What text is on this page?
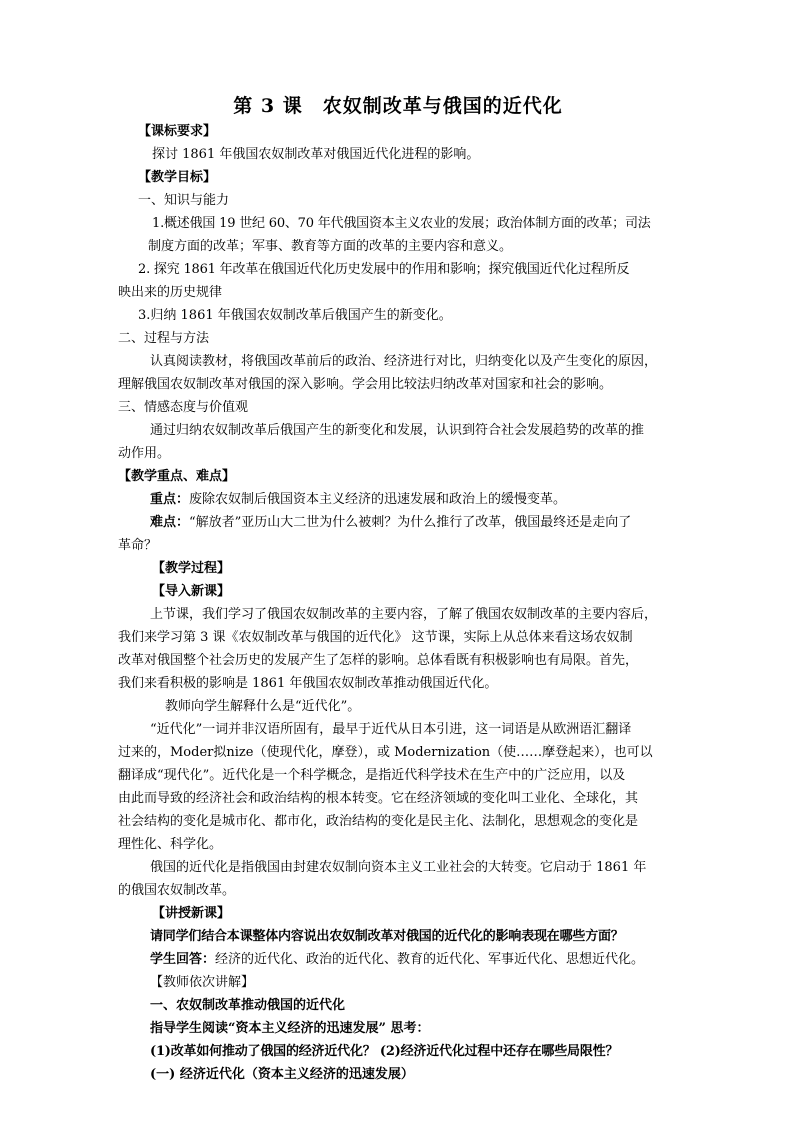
第 3 课　农奴制改革与俄国的近代化

【课标要求】

探讨 1861 年俄国农奴制改革对俄国近代化进程的影响。

【教学目标】

一、知识与能力

1.概述俄国 19 世纪 60、70 年代俄国资本主义农业的发展；政治体制方面的改革；司法

制度方面的改革；军事、教育等方面的改革的主要内容和意义。

2. 探究 1861 年改革在俄国近代化历史发展中的作用和影响；探究俄国近代化过程所反

映出来的历史规律

3.归纳 1861 年俄国农奴制改革后俄国产生的新变化。

二、过程与方法

认真阅读教材，将俄国改革前后的政治、经济进行对比，归纳变化以及产生变化的原因，

理解俄国农奴制改革对俄国的深入影响。学会用比较法归纳改革对国家和社会的影响。

三、情感态度与价值观

通过归纳农奴制改革后俄国产生的新变化和发展，认识到符合社会发展趋势的改革的推

动作用。

【教学重点、难点】

重点：废除农奴制后俄国资本主义经济的迅速发展和政治上的缓慢变革。

难点：“解放者”亚历山大二世为什么被刺？为什么推行了改革，俄国最终还是走向了

革命？

【教学过程】

【导入新课】

上节课，我们学习了俄国农奴制改革的主要内容，了解了俄国农奴制改革的主要内容后，

我们来学习第 3 课《农奴制改革与俄国的近代化》 这节课，实际上从总体来看这场农奴制

改革对俄国整个社会历史的发展产生了怎样的影响。总体看既有积极影响也有局限。首先，

我们来看积极的影响是 1861 年俄国农奴制改革推动俄国近代化。

教师向学生解释什么是“近代化”。

“近代化”一词并非汉语所固有，最早于近代从日本引进，这一词语是从欧洲语汇翻译

过来的，Moder拟nize（使现代化，摩登），或 Modernization（使……摩登起来），也可以

翻译成“现代化”。近代化是一个科学概念，是指近代科学技术在生产中的广泛应用，以及

由此而导致的经济社会和政治结构的根本转变。它在经济领域的变化叫工业化、全球化，其

社会结构的变化是城市化、都市化，政治结构的变化是民主化、法制化，思想观念的变化是

理性化、科学化。

俄国的近代化是指俄国由封建农奴制向资本主义工业社会的大转变。它启动于 1861 年

的俄国农奴制改革。

【讲授新课】

请同学们结合本课整体内容说出农奴制改革对俄国的近代化的影响表现在哪些方面？

学生回答：经济的近代化、政治的近代化、教育的近代化、军事近代化、思想近代化。

【教师依次讲解】

一、农奴制改革推动俄国的近代化

指导学生阅读“资本主义经济的迅速发展” 思考：

(1)改革如何推动了俄国的经济近代化？ (2)经济近代化过程中还存在哪些局限性？

(一) 经济近代化（资本主义经济的迅速发展）
